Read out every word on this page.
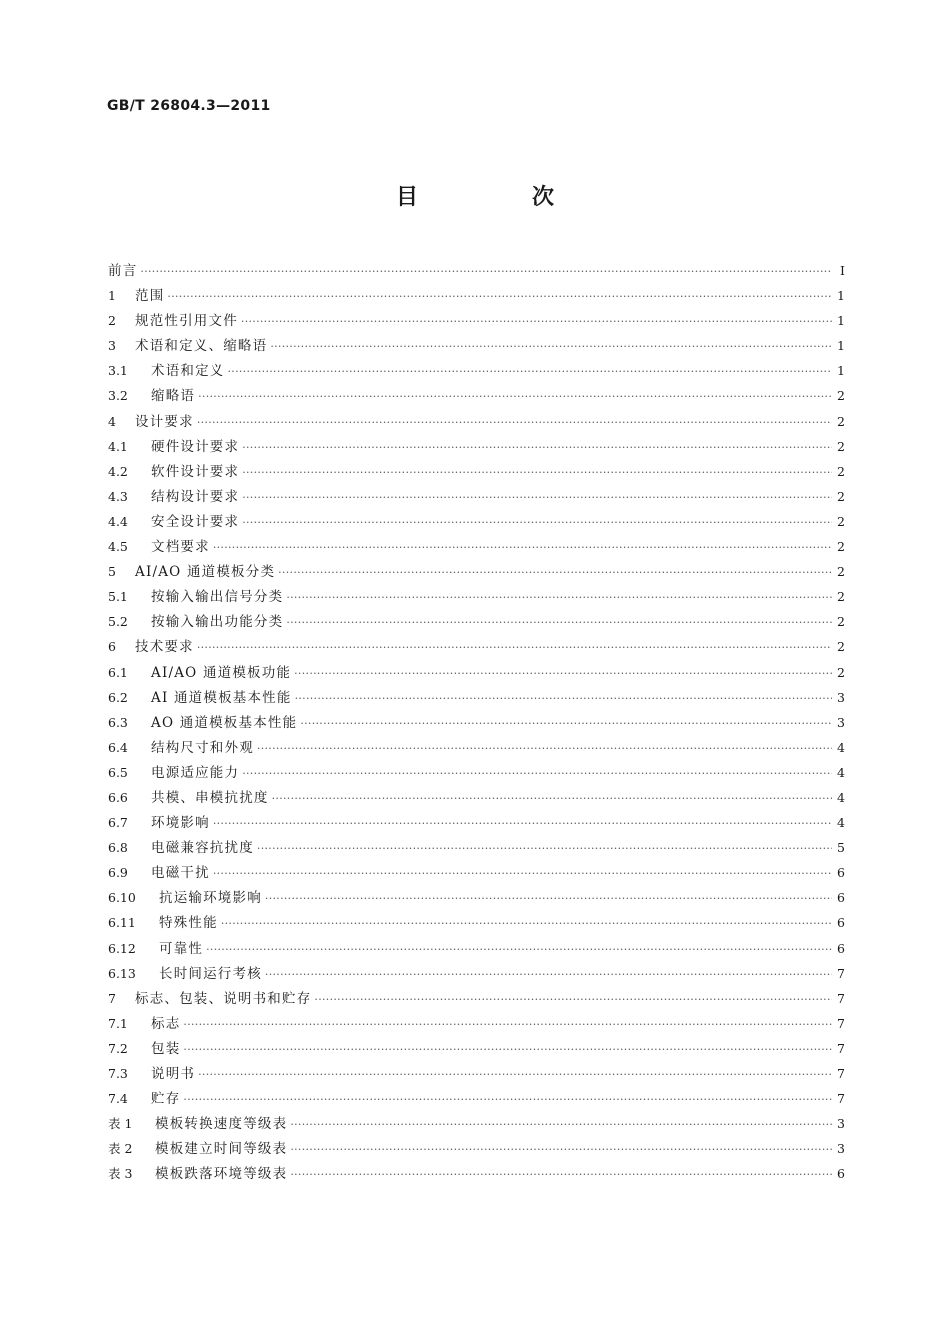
GB/T 26804.3—2011
目　次
前言 ·····	Ⅰ
1	范围 ·····	1
2	规范性引用文件 ·····	1
3	术语和定义、缩略语 ·····	1
3.1	术语和定义 ·····	1
3.2	缩略语 ·····	2
4	设计要求 ·····	2
4.1	硬件设计要求 ·····	2
4.2	软件设计要求 ·····	2
4.3	结构设计要求 ·····	2
4.4	安全设计要求 ·····	2
4.5	文档要求 ·····	2
5	AI/AO 通道模板分类 ·····	2
5.1	按输入输出信号分类 ·····	2
5.2	按输入输出功能分类 ·····	2
6	技术要求 ·····	2
6.1	AI/AO 通道模板功能 ·····	2
6.2	AI 通道模板基本性能 ·····	3
6.3	AO 通道模板基本性能 ·····	3
6.4	结构尺寸和外观 ·····	4
6.5	电源适应能力 ·····	4
6.6	共模、串模抗扰度 ·····	4
6.7	环境影响 ·····	4
6.8	电磁兼容抗扰度 ·····	5
6.9	电磁干扰 ·····	6
6.10	抗运输环境影响 ·····	6
6.11	特殊性能 ·····	6
6.12	可靠性 ·····	6
6.13	长时间运行考核 ·····	7
7	标志、包装、说明书和贮存 ·····	7
7.1	标志 ·····	7
7.2	包装 ·····	7
7.3	说明书 ·····	7
7.4	贮存 ·····	7
表 1	模板转换速度等级表 ·····	3
表 2	模板建立时间等级表 ·····	3
表 3	模板跌落环境等级表 ·····	6
